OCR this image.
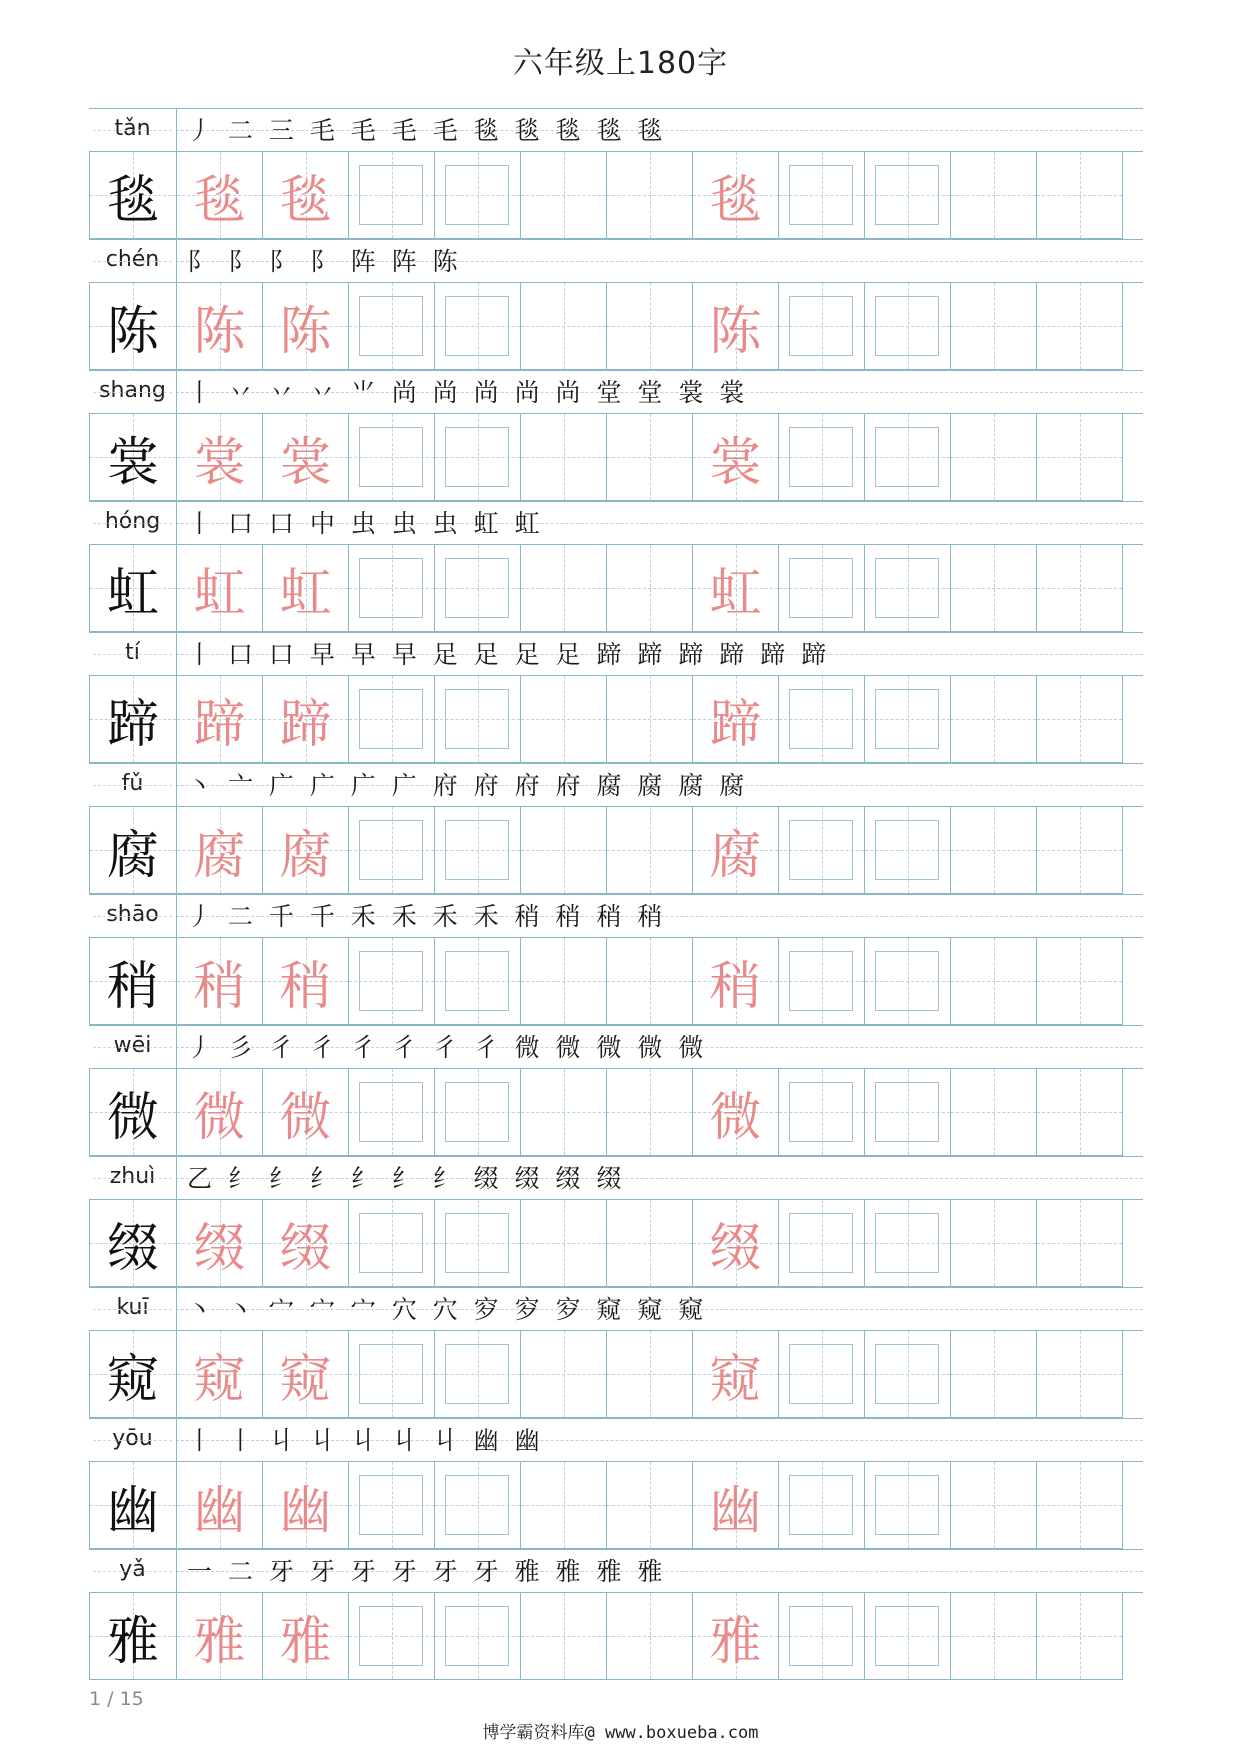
六年级上180字
tǎn	丿 二 三 毛 毛 毛 毛 毯 毯 毯 毯 毯
毯 毯 毯	毯
chén	阝 阝 阝 阝 阵 阵 陈
陈 陈 陈	陈
shang 丨 丷 丷 丷 ⺌ 尚 尚 尚 尚 尚 堂 堂 裳 裳
裳 裳 裳	裳
hóng	丨 口 口 中 虫 虫 虫 虹 虹
虹 虹 虹	虹
tí	丨 口 口 早 早 早 足 足 足 足 蹄 蹄 蹄 蹄 蹄 蹄
蹄 蹄 蹄	蹄
fǔ	丶 亠 广 广 广 广 府 府 府 府 腐 腐 腐 腐
腐 腐 腐	腐
shāo	丿 二 千 千 禾 禾 禾 禾 稍 稍 稍 稍
稍 稍 稍	稍
wēi	丿 彡 彳 彳 彳 彳 彳 彳 微 微 微 微 微
微 微 微	微
zhuì	乙 纟 纟 纟 纟 纟 纟 缀 缀 缀 缀
缀 缀 缀	缀
kuī	丶 丶 宀 宀 宀 穴 穴 穸 穸 穸 窥 窥 窥
窥 窥 窥	窥
yōu	丨 丨 丩 丩 丩 丩 丩 幽 幽
幽 幽 幽	幽
yǎ	一 二 牙 牙 牙 牙 牙 牙 雅 雅 雅 雅
雅 雅 雅	雅
1 / 15
博学霸资料库@ www.boxueba.com
